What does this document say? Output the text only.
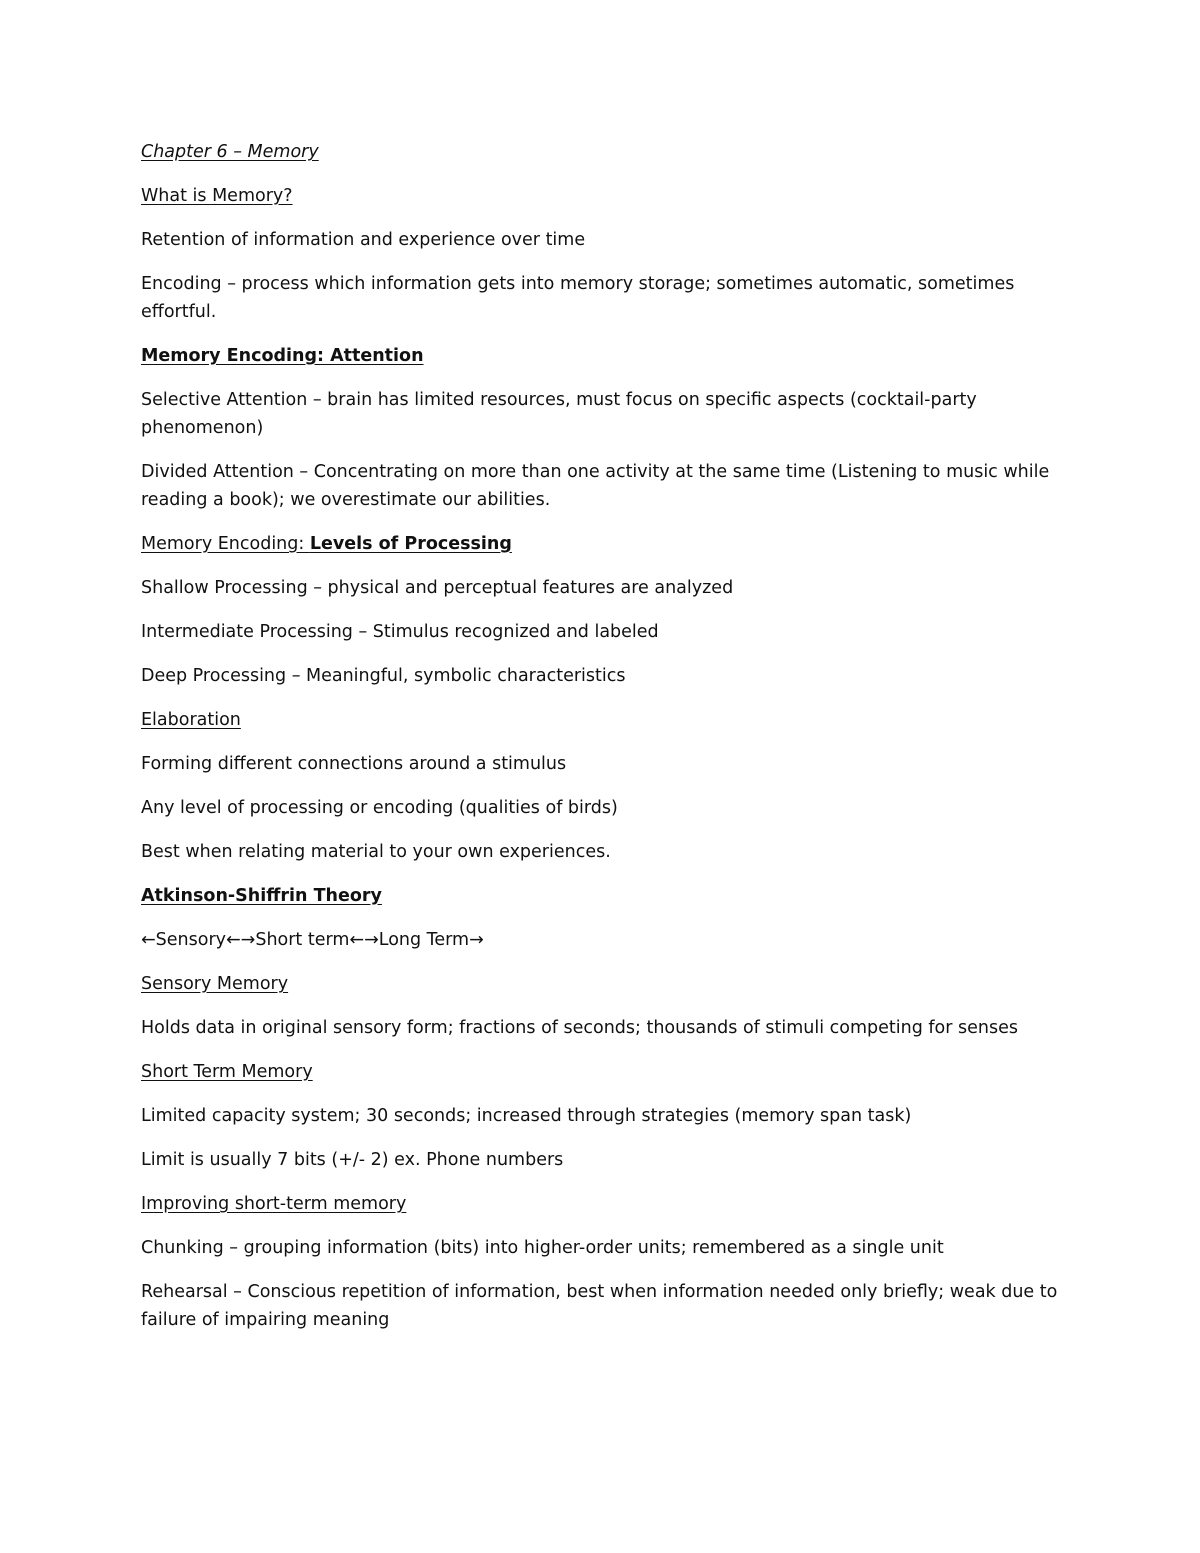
Chapter 6 – Memory

What is Memory?

Retention of information and experience over time

Encoding – process which information gets into memory storage; sometimes automatic, sometimes effortful.

Memory Encoding: Attention

Selective Attention – brain has limited resources, must focus on specific aspects (cocktail-party phenomenon)

Divided Attention – Concentrating on more than one activity at the same time (Listening to music while reading a book); we overestimate our abilities.

Memory Encoding: Levels of Processing

Shallow Processing – physical and perceptual features are analyzed

Intermediate Processing – Stimulus recognized and labeled

Deep Processing – Meaningful, symbolic characteristics

Elaboration

Forming different connections around a stimulus

Any level of processing or encoding (qualities of birds)

Best when relating material to your own experiences.

Atkinson-Shiffrin Theory

←Sensory←→Short term←→Long Term→

Sensory Memory

Holds data in original sensory form; fractions of seconds; thousands of stimuli competing for senses

Short Term Memory

Limited capacity system; 30 seconds; increased through strategies (memory span task)

Limit is usually 7 bits (+/- 2) ex. Phone numbers

Improving short-term memory

Chunking – grouping information (bits) into higher-order units; remembered as a single unit

Rehearsal – Conscious repetition of information, best when information needed only briefly; weak due to failure of impairing meaning
